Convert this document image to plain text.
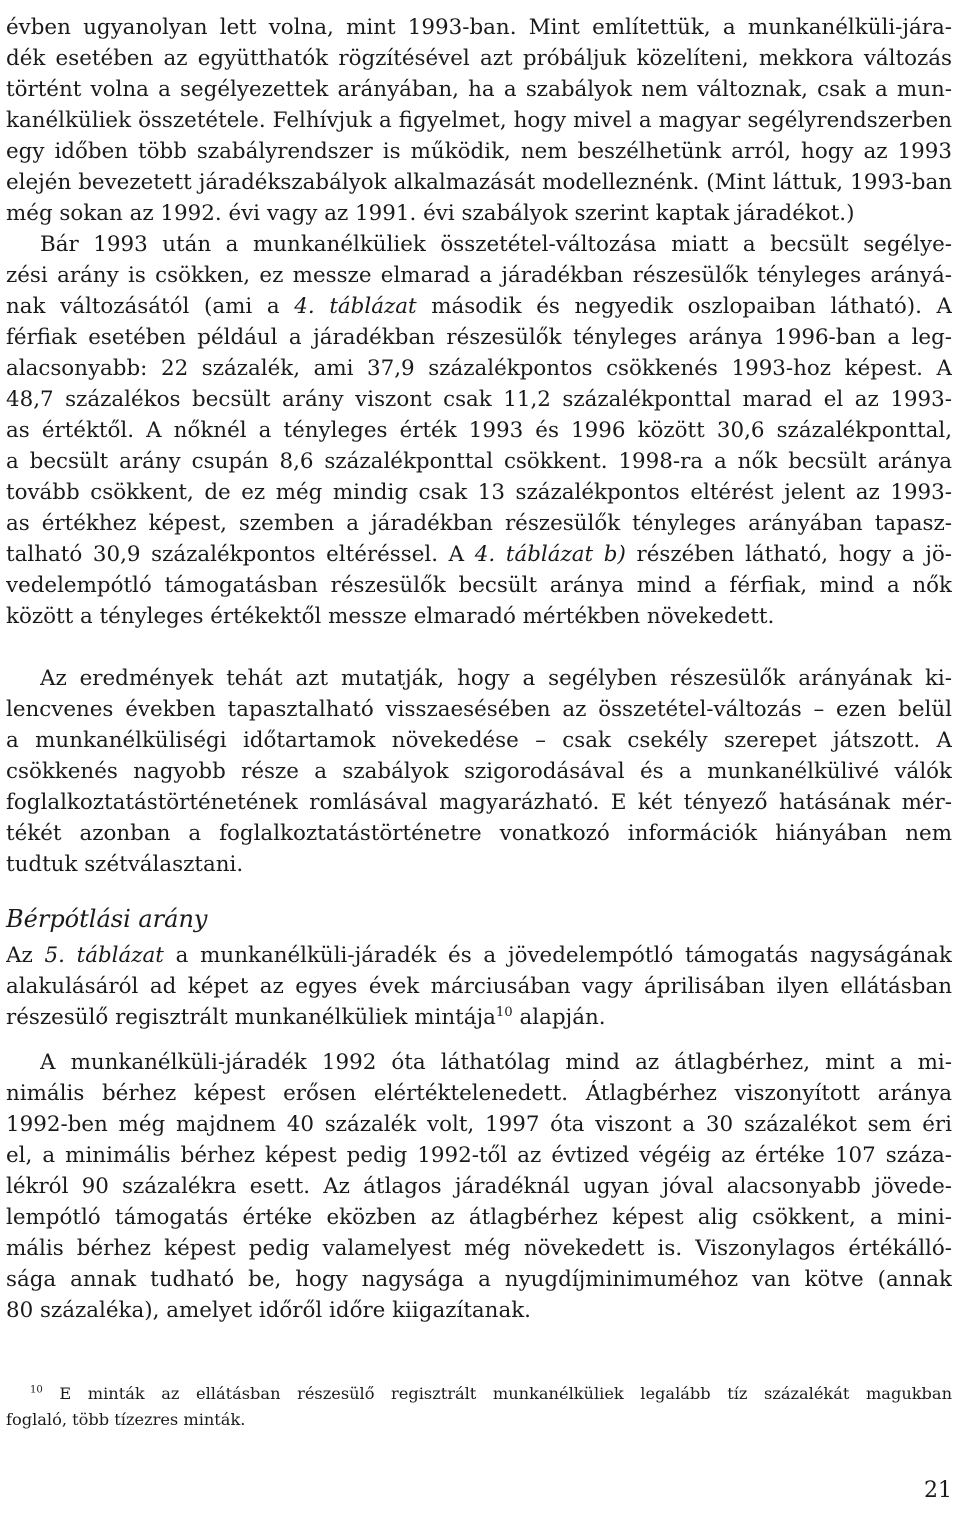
évben ugyanolyan lett volna, mint 1993-ban. Mint említettük, a munkanélküli-jára-
dék esetében az együtthatók rögzítésével azt próbáljuk közelíteni, mekkora változás
történt volna a segélyezettek arányában, ha a szabályok nem változnak, csak a mun-
kanélküliek összetétele. Felhívjuk a figyelmet, hogy mivel a magyar segélyrendszerben
egy időben több szabályrendszer is működik, nem beszélhetünk arról, hogy az 1993
elején bevezetett járadékszabályok alkalmazását modelleznénk. (Mint láttuk, 1993-ban
még sokan az 1992. évi vagy az 1991. évi szabályok szerint kaptak járadékot.)
Bár 1993 után a munkanélküliek összetétel-változása miatt a becsült segélye-
zési arány is csökken, ez messze elmarad a járadékban részesülők tényleges arányá-
nak változásától (ami a 4. táblázat második és negyedik oszlopaiban látható). A
férfiak esetében például a járadékban részesülők tényleges aránya 1996-ban a leg-
alacsonyabb: 22 százalék, ami 37,9 százalékpontos csökkenés 1993-hoz képest. A
48,7 százalékos becsült arány viszont csak 11,2 százalékponttal marad el az 1993-
as értéktől. A nőknél a tényleges érték 1993 és 1996 között 30,6 százalékponttal,
a becsült arány csupán 8,6 százalékponttal csökkent. 1998-ra a nők becsült aránya
tovább csökkent, de ez még mindig csak 13 százalékpontos eltérést jelent az 1993-
as értékhez képest, szemben a járadékban részesülők tényleges arányában tapasz-
talható 30,9 százalékpontos eltéréssel. A 4. táblázat b) részében látható, hogy a jö-
vedelempótló támogatásban részesülők becsült aránya mind a férfiak, mind a nők
között a tényleges értékektől messze elmaradó mértékben növekedett.
Az eredmények tehát azt mutatják, hogy a segélyben részesülők arányának ki-
lencvenes években tapasztalható visszaesésében az összetétel-változás – ezen belül
a munkanélküliségi időtartamok növekedése – csak csekély szerepet játszott. A
csökkenés nagyobb része a szabályok szigorodásával és a munkanélkülivé válók
foglalkoztatástörténetének romlásával magyarázható. E két tényező hatásának mér-
tékét azonban a foglalkoztatástörténetre vonatkozó információk hiányában nem
tudtuk szétválasztani.
Bérpótlási arány
Az 5. táblázat a munkanélküli-járadék és a jövedelempótló támogatás nagyságának
alakulásáról ad képet az egyes évek márciusában vagy áprilisában ilyen ellátásban
részesülő regisztrált munkanélküliek mintája$^{10}$ alapján.
A munkanélküli-járadék 1992 óta láthatólag mind az átlagbérhez, mint a mi-
nimális bérhez képest erősen elértéktelenedett. Átlagbérhez viszonyított aránya
1992-ben még majdnem 40 százalék volt, 1997 óta viszont a 30 százalékot sem éri
el, a minimális bérhez képest pedig 1992-től az évtized végéig az értéke 107 száza-
lékról 90 százalékra esett. Az átlagos járadéknál ugyan jóval alacsonyabb jövede-
lempótló támogatás értéke eközben az átlagbérhez képest alig csökkent, a mini-
mális bérhez képest pedig valamelyest még növekedett is. Viszonylagos értékálló-
sága annak tudható be, hogy nagysága a nyugdíjminimuméhoz van kötve (annak
80 százaléka), amelyet időről időre kiigazítanak.
$^{10}$ E minták az ellátásban részesülő regisztrált munkanélküliek legalább tíz százalékát magukban
foglaló, több tízezres minták.
21
